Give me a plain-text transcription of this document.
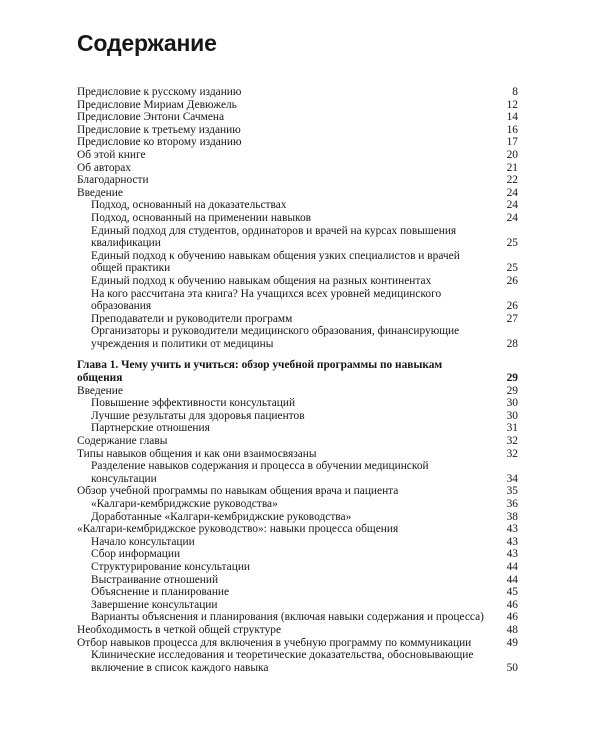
Содержание
Предисловие к русскому изданию	8
Предисловие Мириам Девюжель	12
Предисловие Энтони Сачмена	14
Предисловие к третьему изданию	16
Предисловие ко второму изданию	17
Об этой книге	20
Об авторах	21
Благодарности	22
Введение	24
Подход, основанный на доказательствах	24
Подход, основанный на применении навыков	24
Единый подход для студентов, ординаторов и врачей на курсах повышения квалификации	25
Единый подход к обучению навыкам общения узких специалистов и врачей общей практики	25
Единый подход к обучению навыкам общения на разных континентах	26
На кого рассчитана эта книга? На учащихся всех уровней медицинского образования	26
Преподаватели и руководители программ	27
Организаторы и руководители медицинского образования, финансирующие учреждения и политики от медицины	28
Глава 1. Чему учить и учиться: обзор учебной программы по навыкам общения	29
Введение	29
Повышение эффективности консультаций	30
Лучшие результаты для здоровья пациентов	30
Партнерские отношения	31
Содержание главы	32
Типы навыков общения и как они взаимосвязаны	32
Разделение навыков содержания и процесса в обучении медицинской консультации	34
Обзор учебной программы по навыкам общения врача и пациента	35
«Калгари-кембриджские руководства»	36
Доработанные «Калгари-кембриджские руководства»	38
«Калгари-кембриджское руководство»: навыки процесса общения	43
Начало консультации	43
Сбор информации	43
Структурирование консультации	44
Выстраивание отношений	44
Объяснение и планирование	45
Завершение консультации	46
Варианты объяснения и планирования (включая навыки содержания и процесса)	46
Необходимость в четкой общей структуре	48
Отбор навыков процесса для включения в учебную программу по коммуникации	49
Клинические исследования и теоретические доказательства, обосновывающие включение в список каждого навыка	50
